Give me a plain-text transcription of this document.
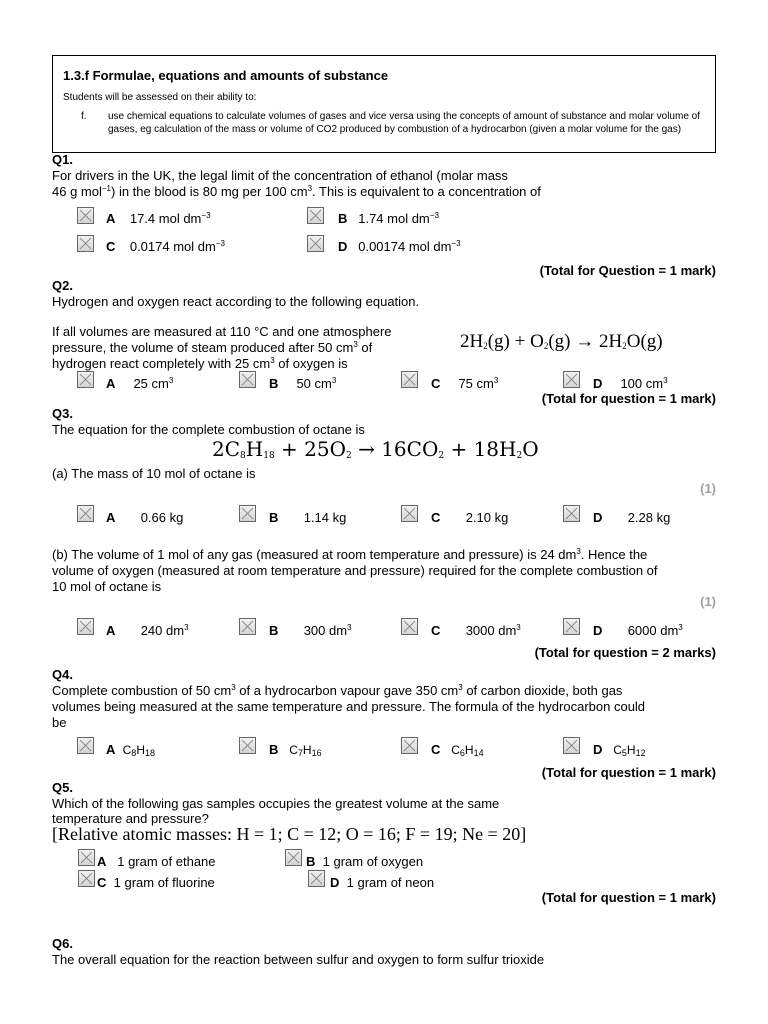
1.3.f Formulae, equations and amounts of substance
Students will be assessed on their ability to:
f. use chemical equations to calculate volumes of gases and vice versa using the concepts of amount of substance and molar volume of gases, eg calculation of the mass or volume of CO2 produced by combustion of a hydrocarbon (given a molar volume for the gas)
Q1.
For drivers in the UK, the legal limit of the concentration of ethanol (molar mass
46 g mol$^{-1}$) in the blood is 80 mg per 100 $cm^3$. This is equivalent to a concentration of
A 17.4 mol $dm^{-3}$	B 1.74 mol $dm^{-3}$
C 0.0174 mol $dm^{-3}$	D 0.00174 mol $dm^{-3}$
(Total for Question = 1 mark)
Q2.
Hydrogen and oxygen react according to the following equation.
If all volumes are measured at 110 °C and one atmosphere
pressure, the volume of steam produced after 50 $cm^3$ of
hydrogen react completely with 25 $cm^3$ of oxygen is
$2H_2(g) + O_2(g) \to 2H_2O(g)$
A 25 $cm^3$	B 50 $cm^3$	C 75 $cm^3$	D 100 $cm^3$
(Total for question = 1 mark)
Q3.
The equation for the complete combustion of octane is
$2C_8H_{18} + 25O_2 \to 16CO_2 + 18H_2O$
(a) The mass of 10 mol of octane is
(1)
A 0.66 kg	B 1.14 kg	C 2.10 kg	D 2.28 kg
(b) The volume of 1 mol of any gas (measured at room temperature and pressure) is 24 $dm^3$. Hence the
volume of oxygen (measured at room temperature and pressure) required for the complete combustion of
10 mol of octane is
(1)
A 240 $dm^3$	B 300 $dm^3$	C 3000 $dm^3$	D 6000 $dm^3$
(Total for question = 2 marks)
Q4.
Complete combustion of 50 $cm^3$ of a hydrocarbon vapour gave 350 $cm^3$ of carbon dioxide, both gas
volumes being measured at the same temperature and pressure. The formula of the hydrocarbon could
be
A $C_8H_{18}$	B $C_7H_{16}$	C $C_6H_{14}$	D $C_5H_{12}$
(Total for question = 1 mark)
Q5.
Which of the following gas samples occupies the greatest volume at the same
temperature and pressure?
[Relative atomic masses: H = 1; C = 12; O = 16; F = 19; Ne = 20]
A 1 gram of ethane	B 1 gram of oxygen
C 1 gram of fluorine	D 1 gram of neon
(Total for question = 1 mark)
Q6.
The overall equation for the reaction between sulfur and oxygen to form sulfur trioxide
